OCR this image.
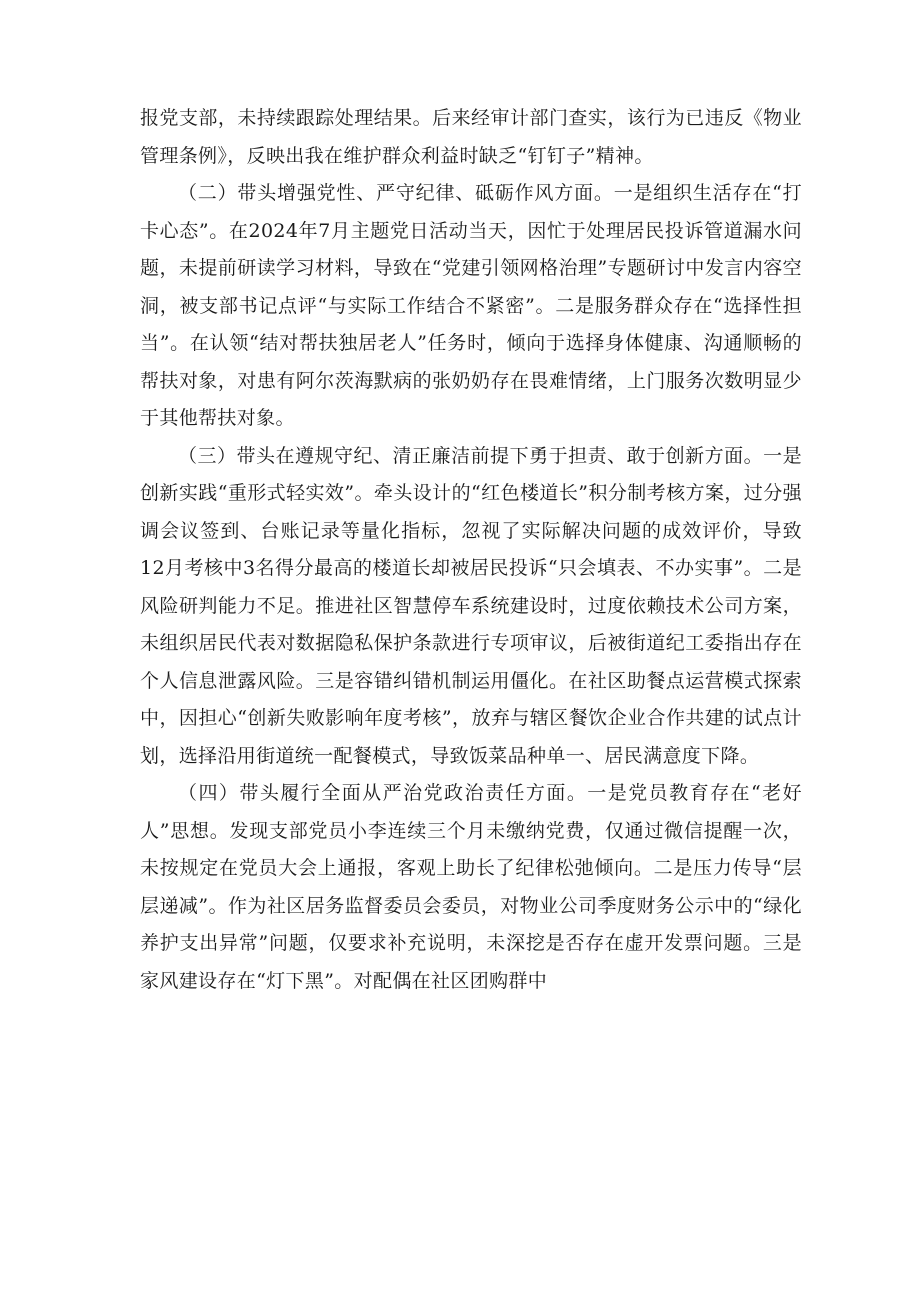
报党支部，未持续跟踪处理结果。后来经审计部门查实，该行为已违反《物业管理条例》，反映出我在维护群众利益时缺乏“钉钉子”精神。

（二）带头增强党性、严守纪律、砥砺作风方面。一是组织生活存在“打卡心态”。在2024年7月主题党日活动当天，因忙于处理居民投诉管道漏水问题，未提前研读学习材料，导致在“党建引领网格治理”专题研讨中发言内容空洞，被支部书记点评“与实际工作结合不紧密”。二是服务群众存在“选择性担当”。在认领“结对帮扶独居老人”任务时，倾向于选择身体健康、沟通顺畅的帮扶对象，对患有阿尔茨海默病的张奶奶存在畏难情绪，上门服务次数明显少于其他帮扶对象。

（三）带头在遵规守纪、清正廉洁前提下勇于担责、敢于创新方面。一是创新实践“重形式轻实效”。牵头设计的“红色楼道长”积分制考核方案，过分强调会议签到、台账记录等量化指标，忽视了实际解决问题的成效评价，导致12月考核中3名得分最高的楼道长却被居民投诉“只会填表、不办实事”。二是风险研判能力不足。推进社区智慧停车系统建设时，过度依赖技术公司方案，未组织居民代表对数据隐私保护条款进行专项审议，后被街道纪工委指出存在个人信息泄露风险。三是容错纠错机制运用僵化。在社区助餐点运营模式探索中，因担心“创新失败影响年度考核”，放弃与辖区餐饮企业合作共建的试点计划，选择沿用街道统一配餐模式，导致饭菜品种单一、居民满意度下降。

（四）带头履行全面从严治党政治责任方面。一是党员教育存在“老好人”思想。发现支部党员小李连续三个月未缴纳党费，仅通过微信提醒一次，未按规定在党员大会上通报，客观上助长了纪律松弛倾向。二是压力传导“层层递减”。作为社区居务监督委员会委员，对物业公司季度财务公示中的“绿化养护支出异常”问题，仅要求补充说明，未深挖是否存在虚开发票问题。三是家风建设存在“灯下黑”。对配偶在社区团购群中
